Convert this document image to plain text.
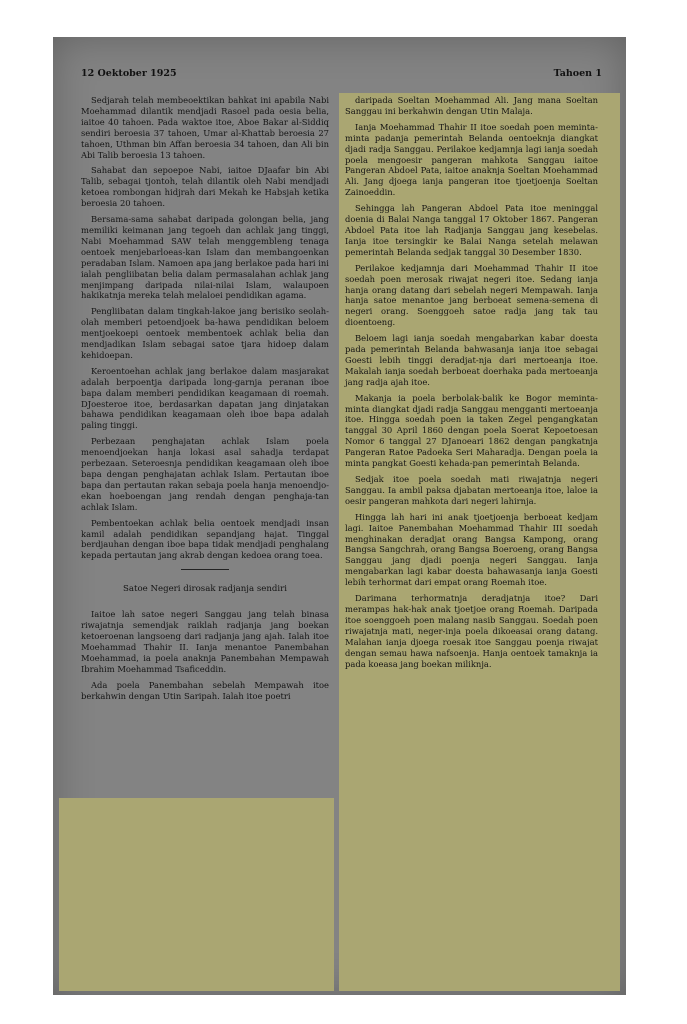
12 Oektober 1925	Tahoen 1

Sedjarah telah membeoektikan bahkat ini apabila Nabi Moehammad dilantik mendjadi Rasoel pada oesia belia, iaitoe 40 tahoen. Pada waktoe itoe, Aboe Bakar al-Siddiq sendiri beroesia 37 tahoen, Umar al-Khattab beroesia 27 tahoen, Uthman bin Affan beroesia 34 tahoen, dan Ali bin Abi Talib beroesia 13 tahoen.

Sahabat dan sepoepoe Nabi, iaitoe DJaafar bin Abi Talib, sebagai tjontoh, telah dilantik oleh Nabi mendjadi ketoea rombongan hidjrah dari Mekah ke Habsjah ketika beroesia 20 tahoen.

Bersama-sama sahabat daripada golongan belia, jang memiliki keimanan jang tegoeh dan achlak jang tinggi, Nabi Moehammad SAW telah menggembleng tenaga oentoek menjebarloeas-kan Islam dan membangoenkan peradaban Islam. Namoen apa jang berlakoe pada hari ini ialah pengliibatan belia dalam permasalahan achlak jang menjimpang daripada nilai-nilai Islam, walaupoen hakikatnja mereka telah melaloei pendidikan agama.

Pengliibatan dalam tingkah-lakoe jang berisiko seolah-olah memberi petoendjoek ba-hawa pendidikan beloem mentjoekoepi oentoek membentoek achlak belia dan mendjadikan Islam sebagai satoe tjara hidoep dalam kehidoepan.

Keroentoehan achlak jang berlakoe dalam masjarakat adalah berpoentja daripada long-garnja peranan iboe bapa dalam memberi pendidikan keagamaan di roemah. DJoesteroe itoe, berdasarkan dapatan jang dinjatakan bahawa pendidikan keagamaan oleh iboe bapa adalah paling tinggi.

Perbezaan penghajatan achlak Islam poela menoendjoekan hanja lokasi asal sahadja terdapat perbezaan. Seteroesnja pendidikan keagamaan oleh iboe bapa dengan penghajatan achlak Islam. Pertautan iboe bapa dan pertautan rakan sebaja poela hanja menoendjo-ekan hoeboengan jang rendah dengan penghaja-tan achlak Islam.

Pembentoekan achlak belia oentoek mendjadi insan kamil adalah pendidikan sepandjang hajat. Tinggal berdjauhan dengan iboe bapa tidak mendjadi penghalang kepada pertautan jang akrab dengan kedoea orang toea.

Satoe Negeri dirosak radjanja sendiri

Iaitoe lah satoe negeri Sanggau jang telah binasa riwajatnja semendjak raiklah radjanja jang boekan ketoeroenan langsoeng dari radjanja jang ajah. Ialah itoe Moehammad Thahir II. Ianja menantoe Panembahan Moehammad, ia poela anaknja Panembahan Mempawah Ibrahim Moehammad Tsaficeddin.

Ada poela Panembahan sebelah Mempawah itoe berkahwin dengan Utin Saripah. Ialah itoe poetri

daripada Soeltan Moehammad Ali. Jang mana Soeltan Sanggau ini berkahwin dengan Utin Malaja.

Ianja Moehammad Thahir II itoe soedah poen meminta-minta padanja pemerintah Belanda oentoeknja diangkat djadi radja Sanggau. Perilakoe kedjamnja lagi ianja soedah poela mengoesir pangeran mahkota Sanggau iaitoe Pangeran Abdoel Pata, iaitoe anaknja Soeltan Moehammad Ali. Jang djoega ianja pangeran itoe tjoetjoenja Soeltan Zainoeddin.

Sehingga lah Pangeran Abdoel Pata itoe meninggal doenia di Balai Nanga tanggal 17 Oktober 1867. Pangeran Abdoel Pata itoe lah Radjanja Sanggau jang kesebelas. Ianja itoe tersingkir ke Balai Nanga setelah melawan pemerintah Belanda sedjak tanggal 30 Desember 1830.

Perilakoe kedjamnja dari Moehammad Thahir II itoe soedah poen merosak riwajat negeri itoe. Sedang ianja hanja orang datang dari sebelah negeri Mempawah. Ianja hanja satoe menantoe jang berboeat semena-semena di negeri orang. Soenggoeh satoe radja jang tak tau dioentoeng.

Beloem lagi ianja soedah mengabarkan kabar doesta pada pemerintah Belanda bahwasanja ianja itoe sebagai Goesti lebih tinggi deradjat-nja dari mertoeanja itoe. Makalah ianja soedah berboeat doerhaka pada mertoeanja jang radja ajah itoe.

Makanja ia poela berbolak-balik ke Bogor meminta-minta diangkat djadi radja Sanggau mengganti mertoeanja itoe. Hingga soedah poen ia taken Zegel pengangkatan tanggal 30 April 1860 dengan poela Soerat Kepoetoesan Nomor 6 tanggal 27 DJanoeari 1862 dengan pangkatnja Pangeran Ratoe Padoeka Seri Maharadja. Dengan poela ia minta pangkat Goesti kehada-pan pemerintah Belanda.

Sedjak itoe poela soedah mati riwajatnja negeri Sanggau. Ia ambil paksa djabatan mertoeanja itoe, laloe ia oesir pangeran mahkota dari negeri lahirnja.

Hingga lah hari ini anak tjoetjoenja berboeat kedjam lagi. Iaitoe Panembahan Moehammad Thahir III soedah menghinakan deradjat orang Bangsa Kampong, orang Bangsa Sangchrah, orang Bangsa Boeroeng, orang Bangsa Sanggau jang djadi poenja negeri Sanggau. Ianja mengabarkan lagi kabar doesta bahawasanja ianja Goesti lebih terhormat dari empat orang Roemah itoe.

Darimana terhormatnja deradjatnja itoe? Dari merampas hak-hak anak tjoetjoe orang Roemah. Daripada itoe soenggoeh poen malang nasib Sanggau. Soedah poen riwajatnja mati, neger-inja poela dikoeasai orang datang. Malahan ianja djoega roesak itoe Sanggau poenja riwajat dengan semau hawa nafsoenja. Hanja oentoek tamaknja ia pada koeasa jang boekan miliknja.
